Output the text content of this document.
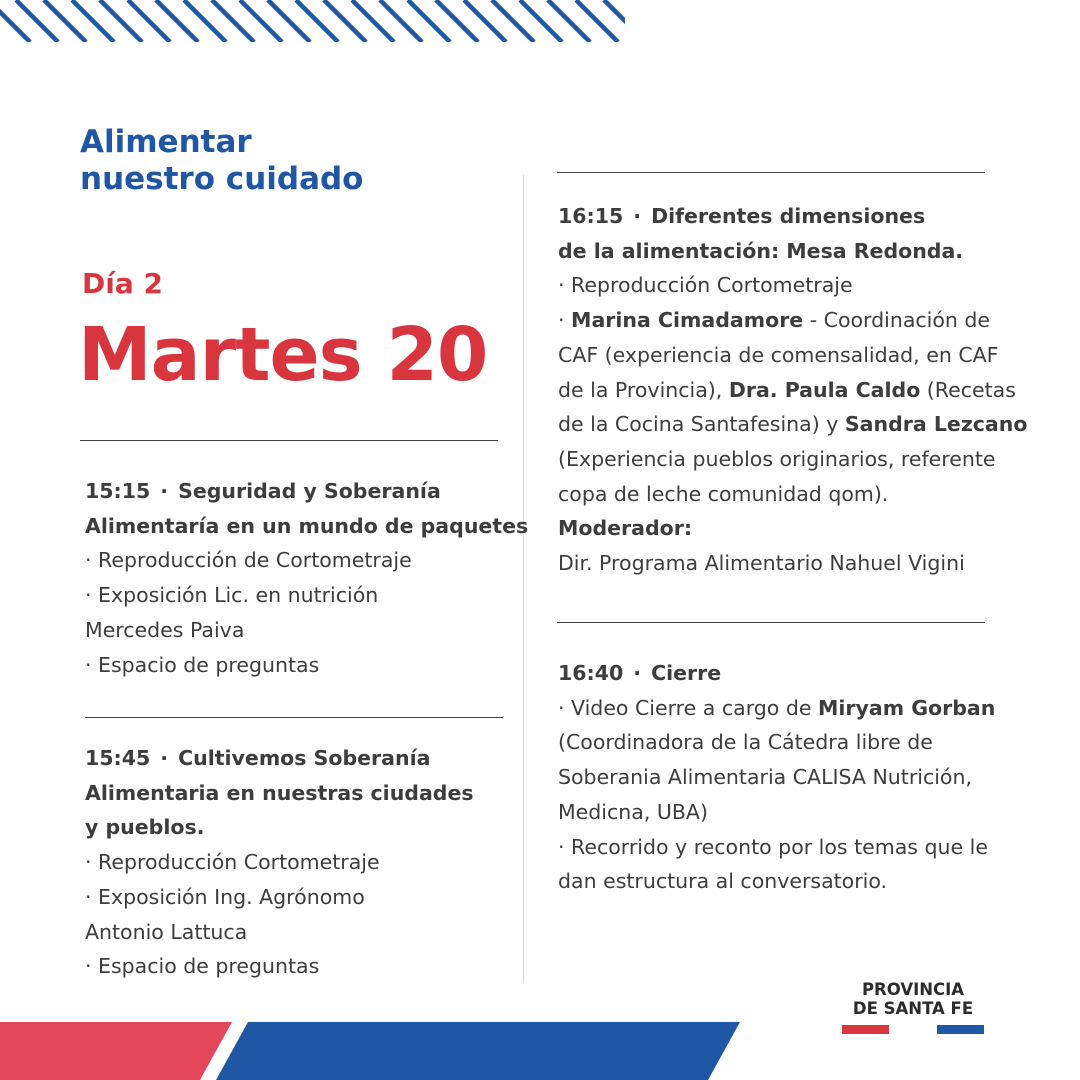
Alimentar
nuestro cuidado
Día 2
Martes 20
15:15 · Seguridad y Soberanía
Alimentaría en un mundo de paquetes
· Reproducción de Cortometraje
· Exposición Lic. en nutrición
Mercedes Paiva
· Espacio de preguntas
15:45 · Cultivemos Soberanía
Alimentaria en nuestras ciudades
y pueblos.
· Reproducción Cortometraje
· Exposición Ing. Agrónomo
Antonio Lattuca
· Espacio de preguntas
16:15 · Diferentes dimensiones
de la alimentación: Mesa Redonda.
· Reproducción Cortometraje
· Marina Cimadamore - Coordinación de
CAF (experiencia de comensalidad, en CAF
de la Provincia), Dra. Paula Caldo (Recetas
de la Cocina Santafesina) y Sandra Lezcano
(Experiencia pueblos originarios, referente
copa de leche comunidad qom).
Moderador:
Dir. Programa Alimentario Nahuel Vigini
16:40 · Cierre
· Video Cierre a cargo de Miryam Gorban
(Coordinadora de la Cátedra libre de
Soberania Alimentaria CALISA Nutrición,
Medicna, UBA)
· Recorrido y reconto por los temas que le
dan estructura al conversatorio.
PROVINCIA
DE SANTA FE
